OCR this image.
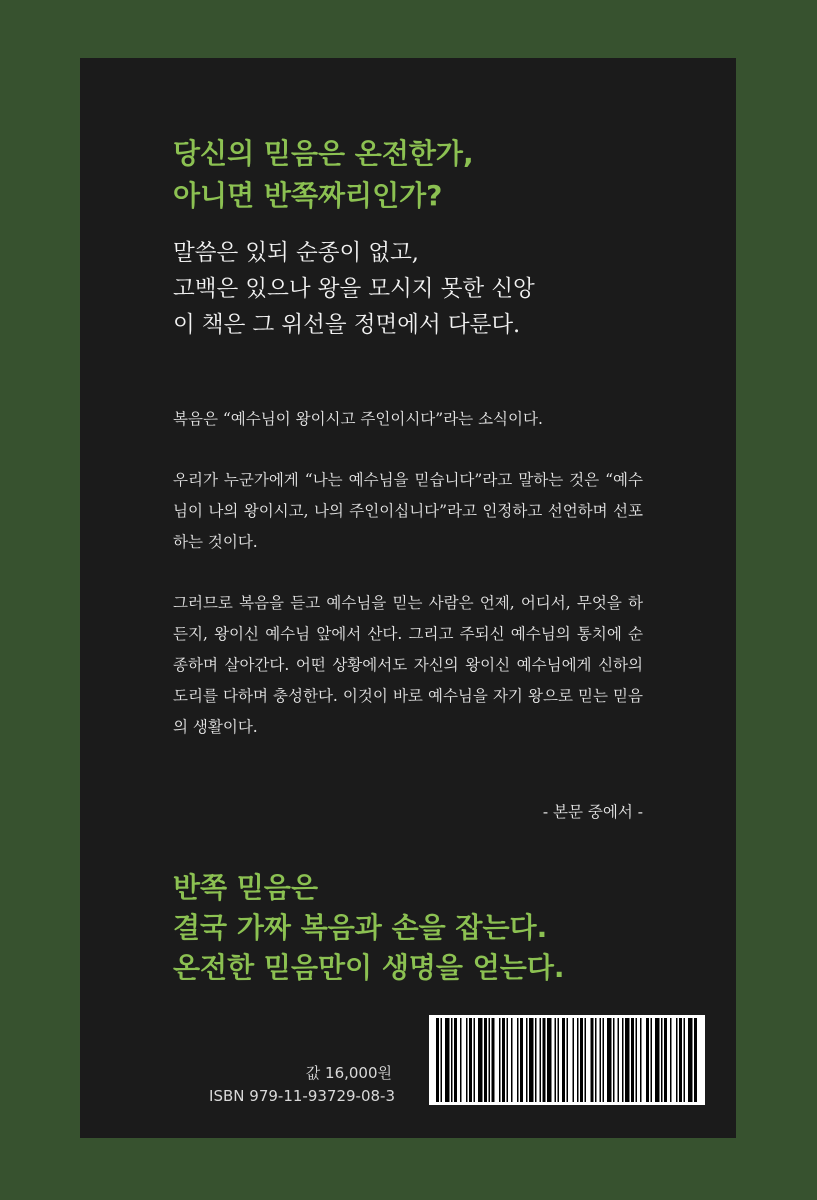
당신의 믿음은 온전한가,
아니면 반쪽짜리인가?
말씀은 있되 순종이 없고,
고백은 있으나 왕을 모시지 못한 신앙
이 책은 그 위선을 정면에서 다룬다.

복음은 “예수님이 왕이시고 주인이시다”라는 소식이다.

우리가 누군가에게 “나는 예수님을 믿습니다”라고 말하는 것은 “예수님이 나의 왕이시고, 나의 주인이십니다”라고 인정하고 선언하며 선포하는 것이다.

그러므로 복음을 듣고 예수님을 믿는 사람은 언제, 어디서, 무엇을 하든지, 왕이신 예수님 앞에서 산다. 그리고 주되신 예수님의 통치에 순종하며 살아간다. 어떤 상황에서도 자신의 왕이신 예수님에게 신하의 도리를 다하며 충성한다. 이것이 바로 예수님을 자기 왕으로 믿는 믿음의 생활이다.

- 본문 중에서 -
반쪽 믿음은
결국 가짜 복음과 손을 잡는다.
온전한 믿음만이 생명을 얻는다.
값 16,000원
ISBN 979-11-93729-08-3
